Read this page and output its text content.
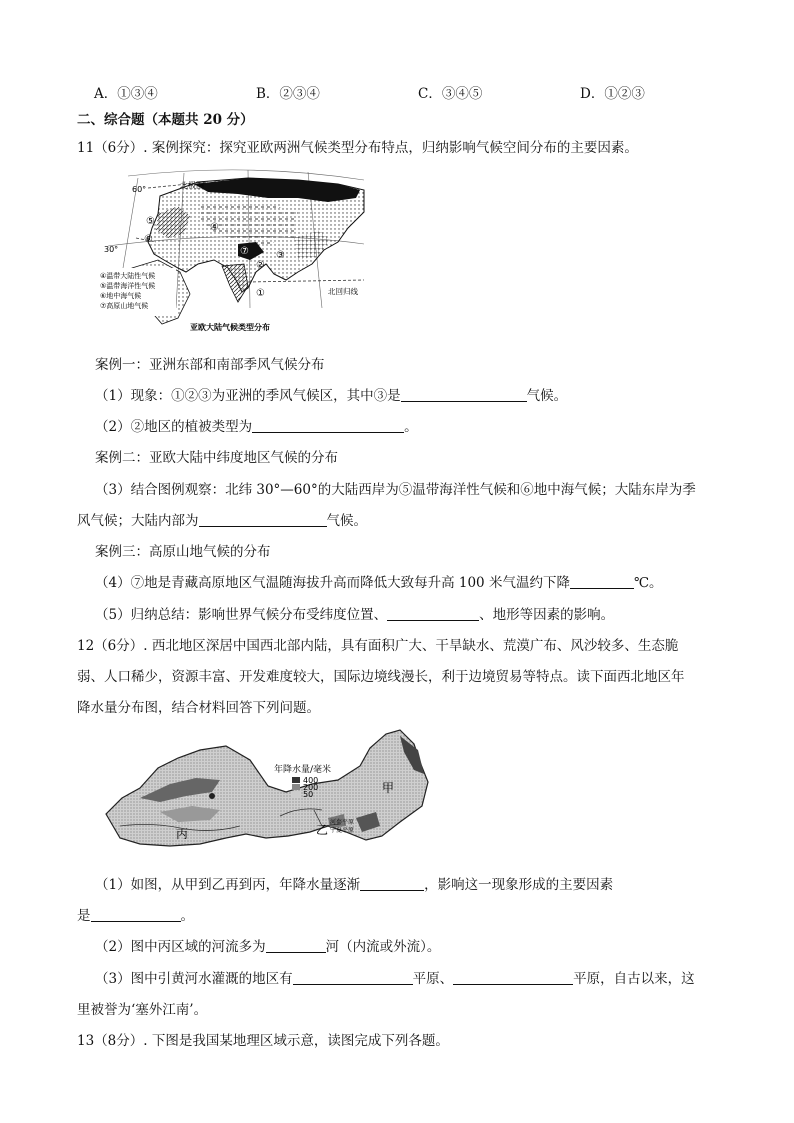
A．①③④	B．②③④	C．③④⑤	D．①②③
二、综合题（本题共 20 分）
11（6分）. 案例探究：探究亚欧两洲气候类型分布特点，归纳影响气候空间分布的主要因素。
60°
30°
北极圈
北回归线
⑤
⑥
④
③
②
①
⑦
④温带大陆性气候
⑤温带海洋性气候
⑥地中海气候
⑦高原山地气候
亚欧大陆气候类型分布
案例一：亚洲东部和南部季风气候分布
（1）现象：①②③为亚洲的季风气候区，其中③是	气候。
（2）②地区的植被类型为	。
案例二：亚欧大陆中纬度地区气候的分布
（3）结合图例观察：北纬 30°—60°的大陆西岸为⑤温带海洋性气候和⑥地中海气候；大陆东岸为季
风气候；大陆内部为	气候。
案例三：高原山地气候的分布
（4）⑦地是青藏高原地区气温随海拔升高而降低大致每升高 100 米气温约下降	℃。
（5）归纳总结：影响世界气候分布受纬度位置、	、地形等因素的影响。
12（6分）. 西北地区深居中国西北部内陆，具有面积广大、干旱缺水、荒漠广布、风沙较多、生态脆
弱、人口稀少，资源丰富、开发难度较大，国际边境线漫长，利于边境贸易等特点。读下面西北地区年
降水量分布图，结合材料回答下列问题。
年降水量/毫米
400
200
50	甲
乙
丙
河套平原
宁夏平原
（1）如图，从甲到乙再到丙，年降水量逐渐	，影响这一现象形成的主要因素
是	。
（2）图中丙区域的河流多为	河（内流或外流）。
（3）图中引黄河水灌溉的地区有	平原、	平原，自古以来，这
里被誉为‘塞外江南’。
13（8分）. 下图是我国某地理区域示意，读图完成下列各题。
